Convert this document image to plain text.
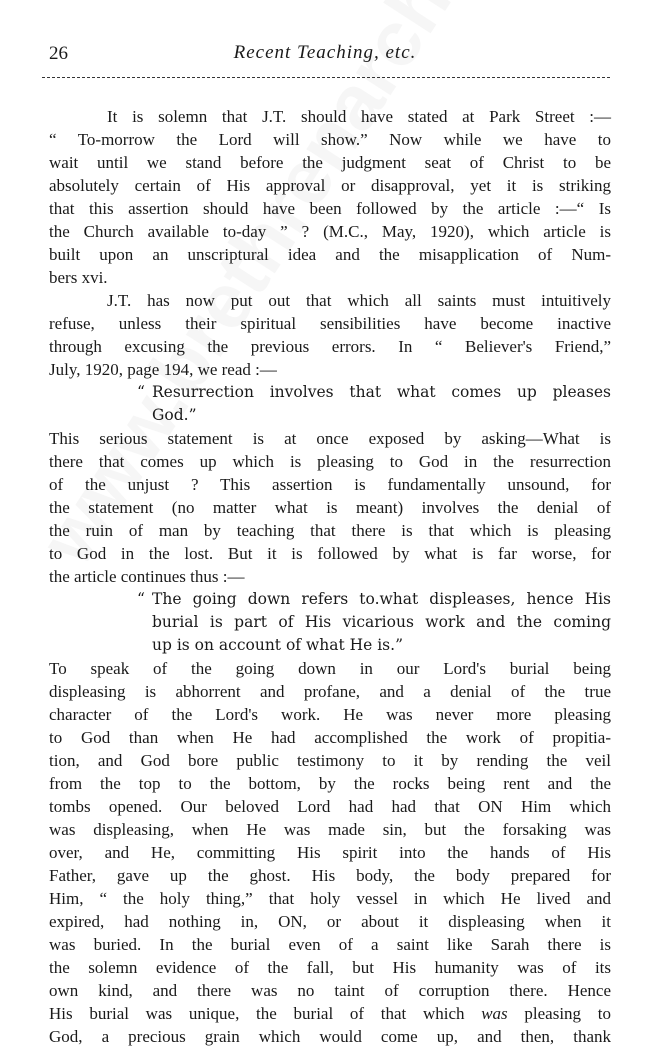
26	Recent Teaching, etc.
It is solemn that J.T. should have stated at Park Street :—
“ To-morrow the Lord will show.” Now while we have to
wait until we stand before the judgment seat of Christ to be
absolutely certain of His approval or disapproval, yet it is striking
that this assertion should have been followed by the article :—“ Is
the Church available to-day ” ? (M.C., May, 1920), which article is
built upon an unscriptural idea and the misapplication of Num-
bers xvi.
J.T. has now put out that which all saints must intuitively
refuse, unless their spiritual sensibilities have become inactive
through excusing the previous errors. In “ Believer's Friend,”
July, 1920, page 194, we read :—
“ Resurrection involves that what comes up pleases
God.”
This serious statement is at once exposed by asking—What is
there that comes up which is pleasing to God in the resurrection
of the unjust ? This assertion is fundamentally unsound, for
the statement (no matter what is meant) involves the denial of
the ruin of man by teaching that there is that which is pleasing
to God in the lost. But it is followed by what is far worse, for
the article continues thus :—
“ The going down refers to.what displeases, hence His
burial is part of His vicarious work and the coming
up is on account of what He is.”
To speak of the going down in our Lord's burial being
displeasing is abhorrent and profane, and a denial of the true
character of the Lord's work. He was never more pleasing
to God than when He had accomplished the work of propitia-
tion, and God bore public testimony to it by rending the veil
from the top to the bottom, by the rocks being rent and the
tombs opened. Our beloved Lord had had that ON Him which
was displeasing, when He was made sin, but the forsaking was
over, and He, committing His spirit into the hands of His
Father, gave up the ghost. His body, the body prepared for
Him, “ the holy thing,” that holy vessel in which He lived and
expired, had nothing in, ON, or about it displeasing when it
was buried. In the burial even of a saint like Sarah there is
the solemn evidence of the fall, but His humanity was of its
own kind, and there was no taint of corruption there. Hence
His burial was unique, the burial of that which was pleasing to
God, a precious grain which would come up, and then, thank
